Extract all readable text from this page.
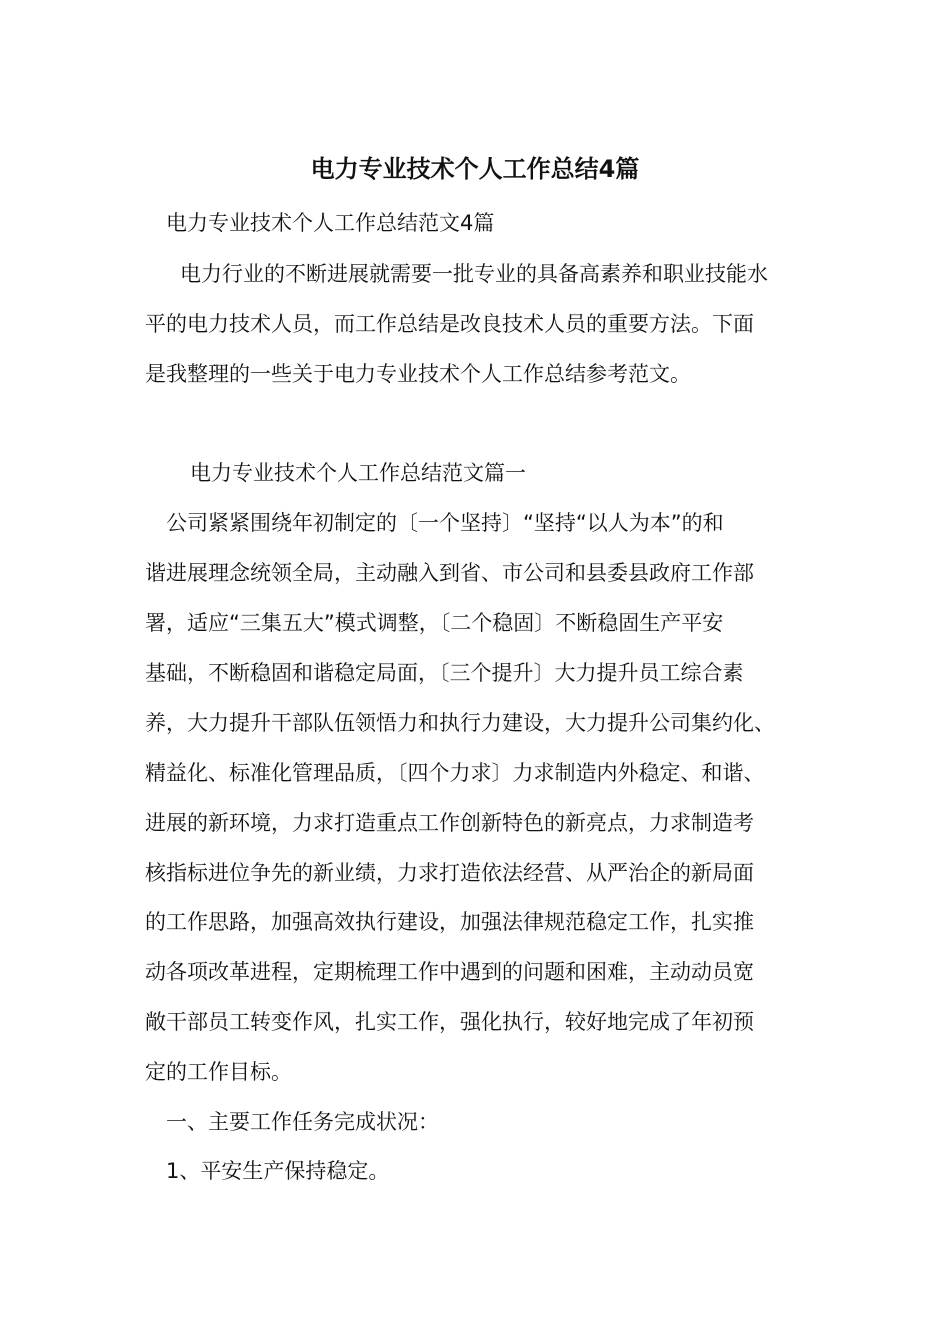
电力专业技术个人工作总结4篇

电力专业技术个人工作总结范文4篇

电力行业的不断进展就需要一批专业的具备高素养和职业技能水

平的电力技术人员，而工作总结是改良技术人员的重要方法。下面

是我整理的一些关于电力专业技术个人工作总结参考范文。

电力专业技术个人工作总结范文篇一

公司紧紧围绕年初制定的〔一个坚持〕“坚持“以人为本”的和

谐进展理念统领全局，主动融入到省、市公司和县委县政府工作部

署，适应“三集五大”模式调整，〔二个稳固〕不断稳固生产平安

基础，不断稳固和谐稳定局面，〔三个提升〕大力提升员工综合素

养，大力提升干部队伍领悟力和执行力建设，大力提升公司集约化、

精益化、标准化管理品质，〔四个力求〕力求制造内外稳定、和谐、

进展的新环境，力求打造重点工作创新特色的新亮点，力求制造考

核指标进位争先的新业绩，力求打造依法经营、从严治企的新局面

的工作思路，加强高效执行建设，加强法律规范稳定工作，扎实推

动各项改革进程，定期梳理工作中遇到的问题和困难，主动动员宽

敞干部员工转变作风，扎实工作，强化执行，较好地完成了年初预

定的工作目标。

一、主要工作任务完成状况：

1、平安生产保持稳定。
